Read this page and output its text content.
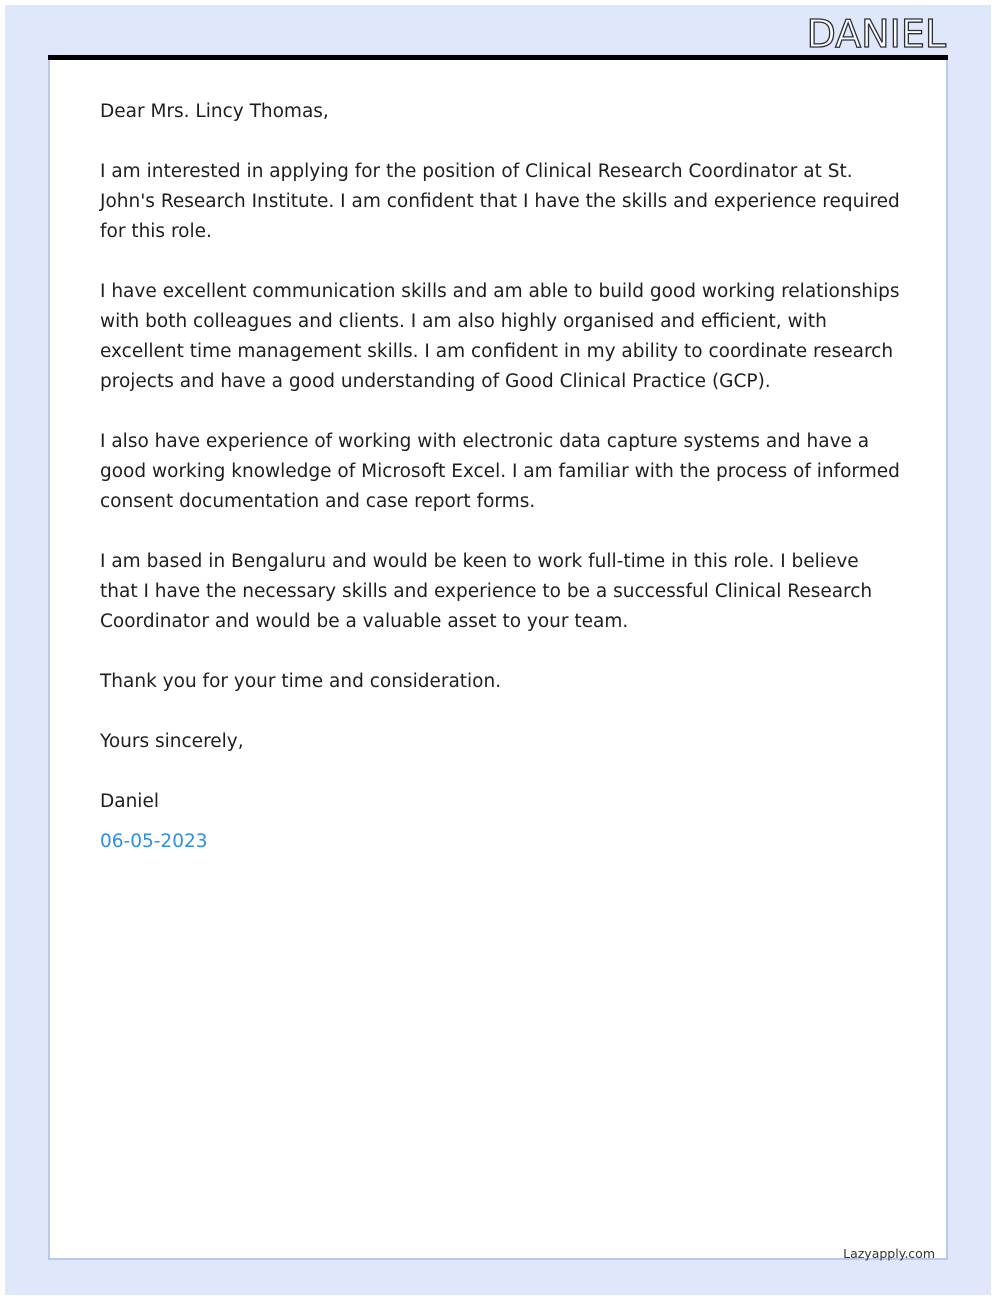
DANIEL

Dear Mrs. Lincy Thomas,

I am interested in applying for the position of Clinical Research Coordinator at St. John's Research Institute. I am confident that I have the skills and experience required for this role.

I have excellent communication skills and am able to build good working relationships with both colleagues and clients. I am also highly organised and efficient, with excellent time management skills. I am confident in my ability to coordinate research projects and have a good understanding of Good Clinical Practice (GCP).

I also have experience of working with electronic data capture systems and have a good working knowledge of Microsoft Excel. I am familiar with the process of informed consent documentation and case report forms.

I am based in Bengaluru and would be keen to work full-time in this role. I believe that I have the necessary skills and experience to be a successful Clinical Research Coordinator and would be a valuable asset to your team.

Thank you for your time and consideration.

Yours sincerely,

Daniel

06-05-2023

Lazyapply.com
